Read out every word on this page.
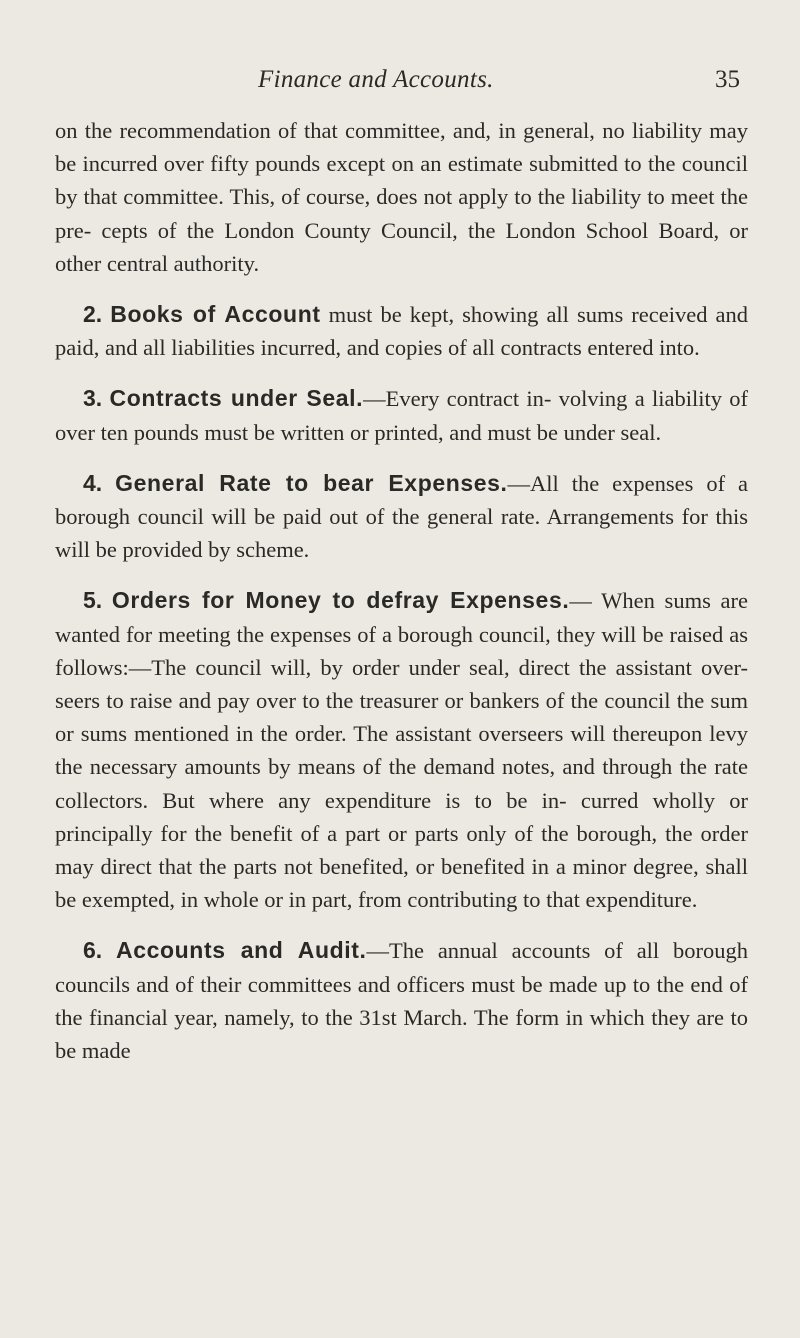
Finance and Accounts.	35

on the recommendation of that committee, and, in general, no liability may be incurred over fifty pounds except on an estimate submitted to the council by that committee. This, of course, does not apply to the liability to meet the pre- cepts of the London County Council, the London School Board, or other central authority.

2. Books of Account must be kept, showing all sums received and paid, and all liabilities incurred, and copies of all contracts entered into.

3. Contracts under Seal.—Every contract in- volving a liability of over ten pounds must be written or printed, and must be under seal.

4. General Rate to bear Expenses.—All the expenses of a borough council will be paid out of the general rate. Arrangements for this will be provided by scheme.

5. Orders for Money to defray Expenses.— When sums are wanted for meeting the expenses of a borough council, they will be raised as follows:—The council will, by order under seal, direct the assistant over- seers to raise and pay over to the treasurer or bankers of the council the sum or sums mentioned in the order. The assistant overseers will thereupon levy the necessary amounts by means of the demand notes, and through the rate collectors. But where any expenditure is to be in- curred wholly or principally for the benefit of a part or parts only of the borough, the order may direct that the parts not benefited, or benefited in a minor degree, shall be exempted, in whole or in part, from contributing to that expenditure.

6. Accounts and Audit.—The annual accounts of all borough councils and of their committees and officers must be made up to the end of the financial year, namely, to the 31st March. The form in which they are to be made
